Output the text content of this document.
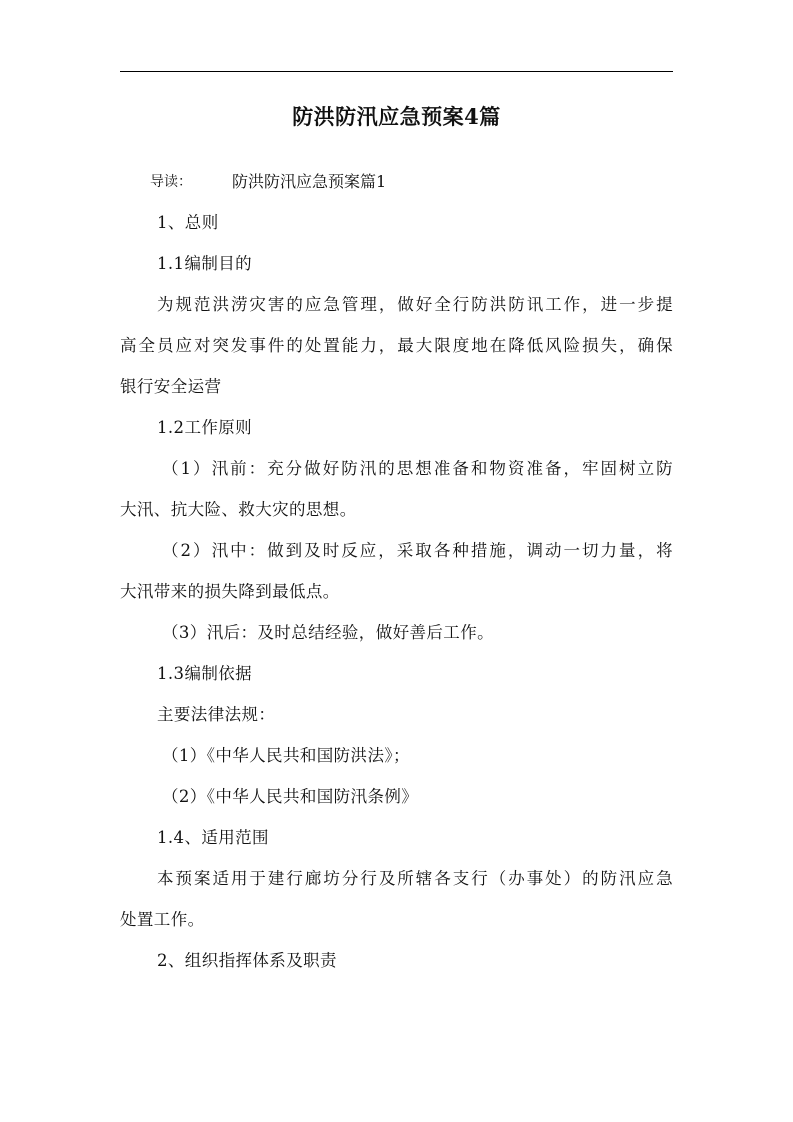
防洪防汛应急预案4篇
导读：	防洪防汛应急预案篇1
1、总则
1.1编制目的
为规范洪涝灾害的应急管理，做好全行防洪防讯工作，进一步提
高全员应对突发事件的处置能力，最大限度地在降低风险损失，确保
银行安全运营
1.2工作原则
（1）汛前：充分做好防汛的思想准备和物资准备，牢固树立防
大汛、抗大险、救大灾的思想。
（2）汛中：做到及时反应，采取各种措施，调动一切力量，将
大汛带来的损失降到最低点。
（3）汛后：及时总结经验，做好善后工作。
1.3编制依据
主要法律法规：
（1）《中华人民共和国防洪法》；
（2）《中华人民共和国防汛条例》
1.4、适用范围
本预案适用于建行廊坊分行及所辖各支行（办事处）的防汛应急
处置工作。
2、组织指挥体系及职责
